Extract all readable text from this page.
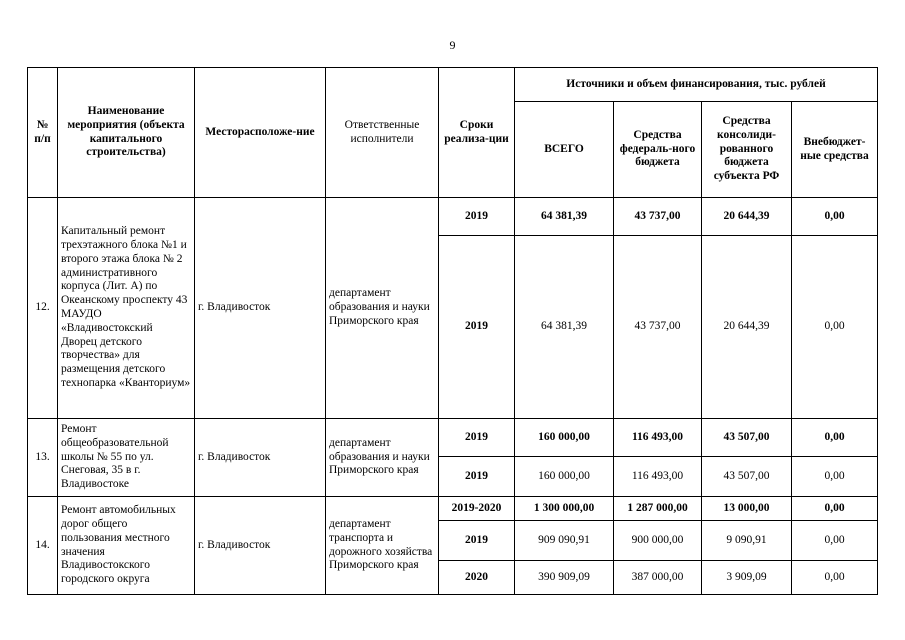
9
№ п/п	Наименование мероприятия (объекта капитального строительства)	Месторасположе-ние	Ответственные исполнители	Сроки реализа-ции	Источники и объем финансирования, тыс. рублей			
					ВСЕГО	Средства федераль-ного бюджета	Средства консолиди-рованного бюджета субъекта РФ	Внебюджет-ные средства
12.	Капитальный ремонт трехэтажного блока №1 и второго этажа блока № 2 административного корпуса (Лит. А) по Океанскому проспекту 43 МАУДО «Владивостокский Дворец детского творчества» для размещения детского технопарка «Кванториум»	г. Владивосток	департамент образования и науки Приморского края	2019	64 381,39	43 737,00	20 644,39	0,00
				2019	64 381,39	43 737,00	20 644,39	0,00
13.	Ремонт общеобразовательной школы № 55 по ул. Снеговая, 35 в г. Владивостоке	г. Владивосток	департамент образования и науки Приморского края	2019	160 000,00	116 493,00	43 507,00	0,00
				2019	160 000,00	116 493,00	43 507,00	0,00
14.	Ремонт автомобильных дорог общего пользования местного значения Владивостокского городского округа	г. Владивосток	департамент транспорта и дорожного хозяйства Приморского края	2019-2020	1 300 000,00	1 287 000,00	13 000,00	0,00
				2019	909 090,91	900 000,00	9 090,91	0,00
				2020	390 909,09	387 000,00	3 909,09	0,00
